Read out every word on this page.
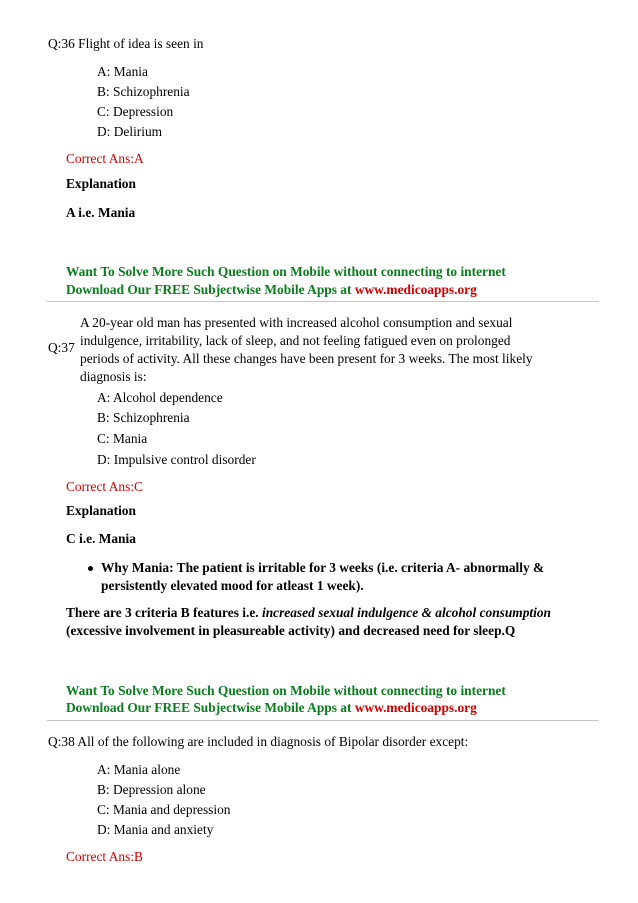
Q:36 Flight of idea is seen in
A: Mania
B: Schizophrenia
C: Depression
D: Delirium
Correct Ans:A
Explanation
A i.e. Mania
Want To Solve More Such Question on Mobile without connecting to internet
Download Our FREE Subjectwise Mobile Apps at www.medicoapps.org
Q:37
A 20-year old man has presented with increased alcohol consumption and sexual indulgence, irritability, lack of sleep, and not feeling fatigued even on prolonged periods of activity. All these changes have been present for 3 weeks. The most likely diagnosis is:
A: Alcohol dependence
B: Schizophrenia
C: Mania
D: Impulsive control disorder
Correct Ans:C
Explanation
C i.e. Mania
Why Mania: The patient is irritable for 3 weeks (i.e. criteria A- abnormally & persistently elevated mood for atleast 1 week).
There are 3 criteria B features i.e. increased sexual indulgence & alcohol consumption (excessive involvement in pleasureable activity) and decreased need for sleep.Q
Want To Solve More Such Question on Mobile without connecting to internet
Download Our FREE Subjectwise Mobile Apps at www.medicoapps.org
Q:38 All of the following are included in diagnosis of Bipolar disorder except:
A: Mania alone
B: Depression alone
C: Mania and depression
D: Mania and anxiety
Correct Ans:B
